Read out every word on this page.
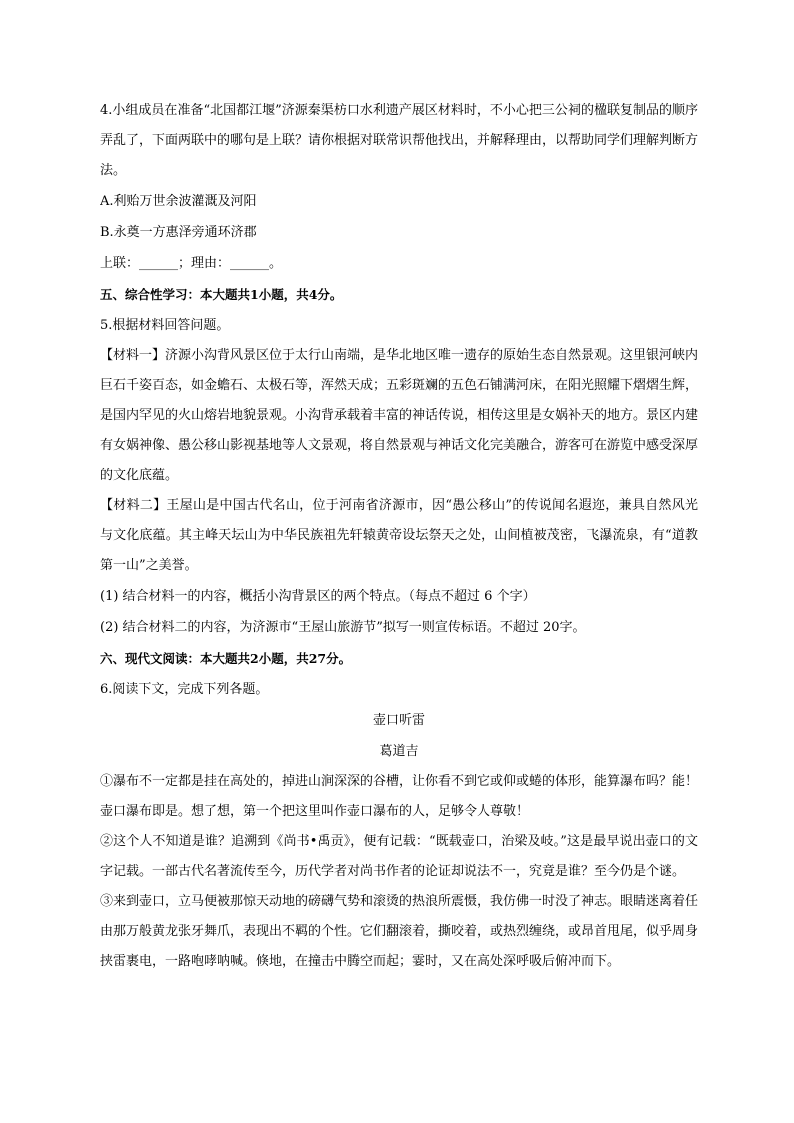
4.小组成员在准备“北国都江堰”济源秦渠枋口水利遗产展区材料时，不小心把三公祠的楹联复制品的顺序弄乱了，下面两联中的哪句是上联？请你根据对联常识帮他找出，并解释理由，以帮助同学们理解判断方法。
A.利贻万世余波灌溉及河阳
B.永奠一方惠泽旁通环济郡
上联：______；理由：______。
五、综合性学习：本大题共1小题，共4分。
5.根据材料回答问题。
【材料一】济源小沟背风景区位于太行山南端，是华北地区唯一遗存的原始生态自然景观。这里银河峡内巨石千姿百态，如金蟾石、太极石等，浑然天成；五彩斑斓的五色石铺满河床，在阳光照耀下熠熠生辉，是国内罕见的火山熔岩地貌景观。小沟背承载着丰富的神话传说，相传这里是女娲补天的地方。景区内建有女娲神像、愚公移山影视基地等人文景观，将自然景观与神话文化完美融合，游客可在游览中感受深厚的文化底蕴。
【材料二】王屋山是中国古代名山，位于河南省济源市，因“愚公移山”的传说闻名遐迩，兼具自然风光与文化底蕴。其主峰天坛山为中华民族祖先轩辕黄帝设坛祭天之处，山间植被茂密，飞瀑流泉，有“道教第一山”之美誉。
(1) 结合材料一的内容，概括小沟背景区的两个特点。（每点不超过 6 个字）
(2) 结合材料二的内容，为济源市“王屋山旅游节”拟写一则宣传标语。不超过 20字。
六、现代文阅读：本大题共2小题，共27分。
6.阅读下文，完成下列各题。
壶口听雷
葛道吉
①瀑布不一定都是挂在高处的，掉进山涧深深的谷槽，让你看不到它或仰或蜷的体形，能算瀑布吗？能！壶口瀑布即是。想了想，第一个把这里叫作壶口瀑布的人，足够令人尊敬！
②这个人不知道是谁？追溯到《尚书•禹贡》，便有记载：“既载壶口，治梁及岐。”这是最早说出壶口的文字记载。一部古代名著流传至今，历代学者对尚书作者的论证却说法不一，究竟是谁？至今仍是个谜。
③来到壶口，立马便被那惊天动地的磅礴气势和滚烫的热浪所震慑，我仿佛一时没了神志。眼睛迷离着任由那万般黄龙张牙舞爪，表现出不羁的个性。它们翻滚着，撕咬着，或热烈缠绕，或昂首甩尾，似乎周身挟雷裹电，一路咆哮呐喊。倏地，在撞击中腾空而起；霎时，又在高处深呼吸后俯冲而下。
